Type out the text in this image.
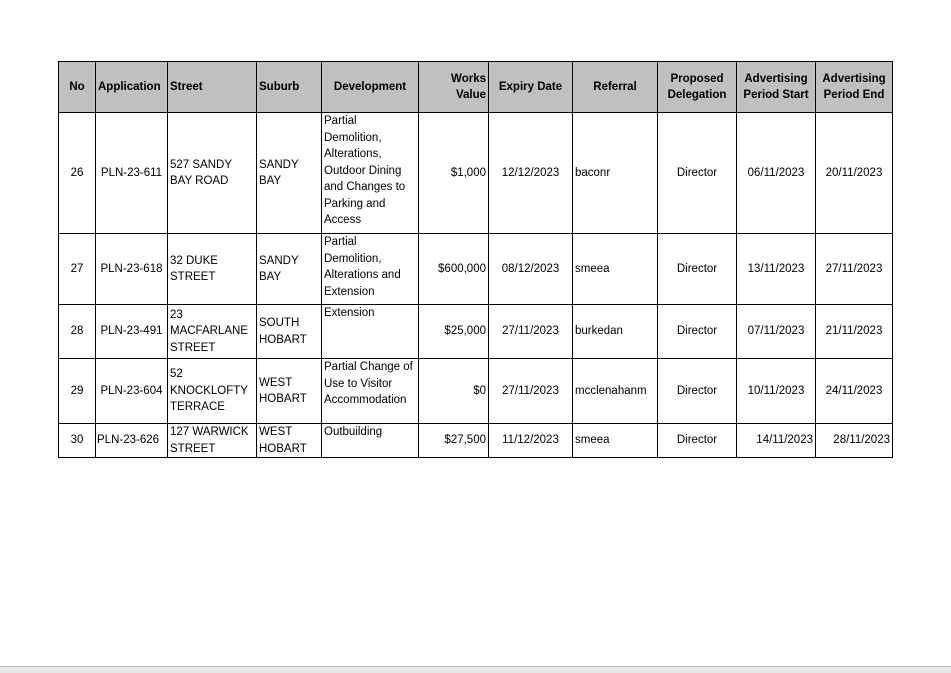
No	Application	Street	Suburb	Development	Works Value	Expiry Date	Referral	Proposed Delegation	Advertising Period Start	Advertising Period End
26	PLN-23-611	527 SANDY BAY ROAD	SANDY BAY	Partial Demolition, Alterations, Outdoor Dining and Changes to Parking and Access	$1,000	12/12/2023	baconr	Director	06/11/2023	20/11/2023
27	PLN-23-618	32 DUKE STREET	SANDY BAY	Partial Demolition, Alterations and Extension	$600,000	08/12/2023	smeea	Director	13/11/2023	27/11/2023
28	PLN-23-491	23 MACFARLANE STREET	SOUTH HOBART	Extension	$25,000	27/11/2023	burkedan	Director	07/11/2023	21/11/2023
29	PLN-23-604	52 KNOCKLOFTY TERRACE	WEST HOBART	Partial Change of Use to Visitor Accommodation	$0	27/11/2023	mcclenahanm	Director	10/11/2023	24/11/2023
30	PLN-23-626	127 WARWICK STREET	WEST HOBART	Outbuilding	$27,500	11/12/2023	smeea	Director	14/11/2023	28/11/2023
